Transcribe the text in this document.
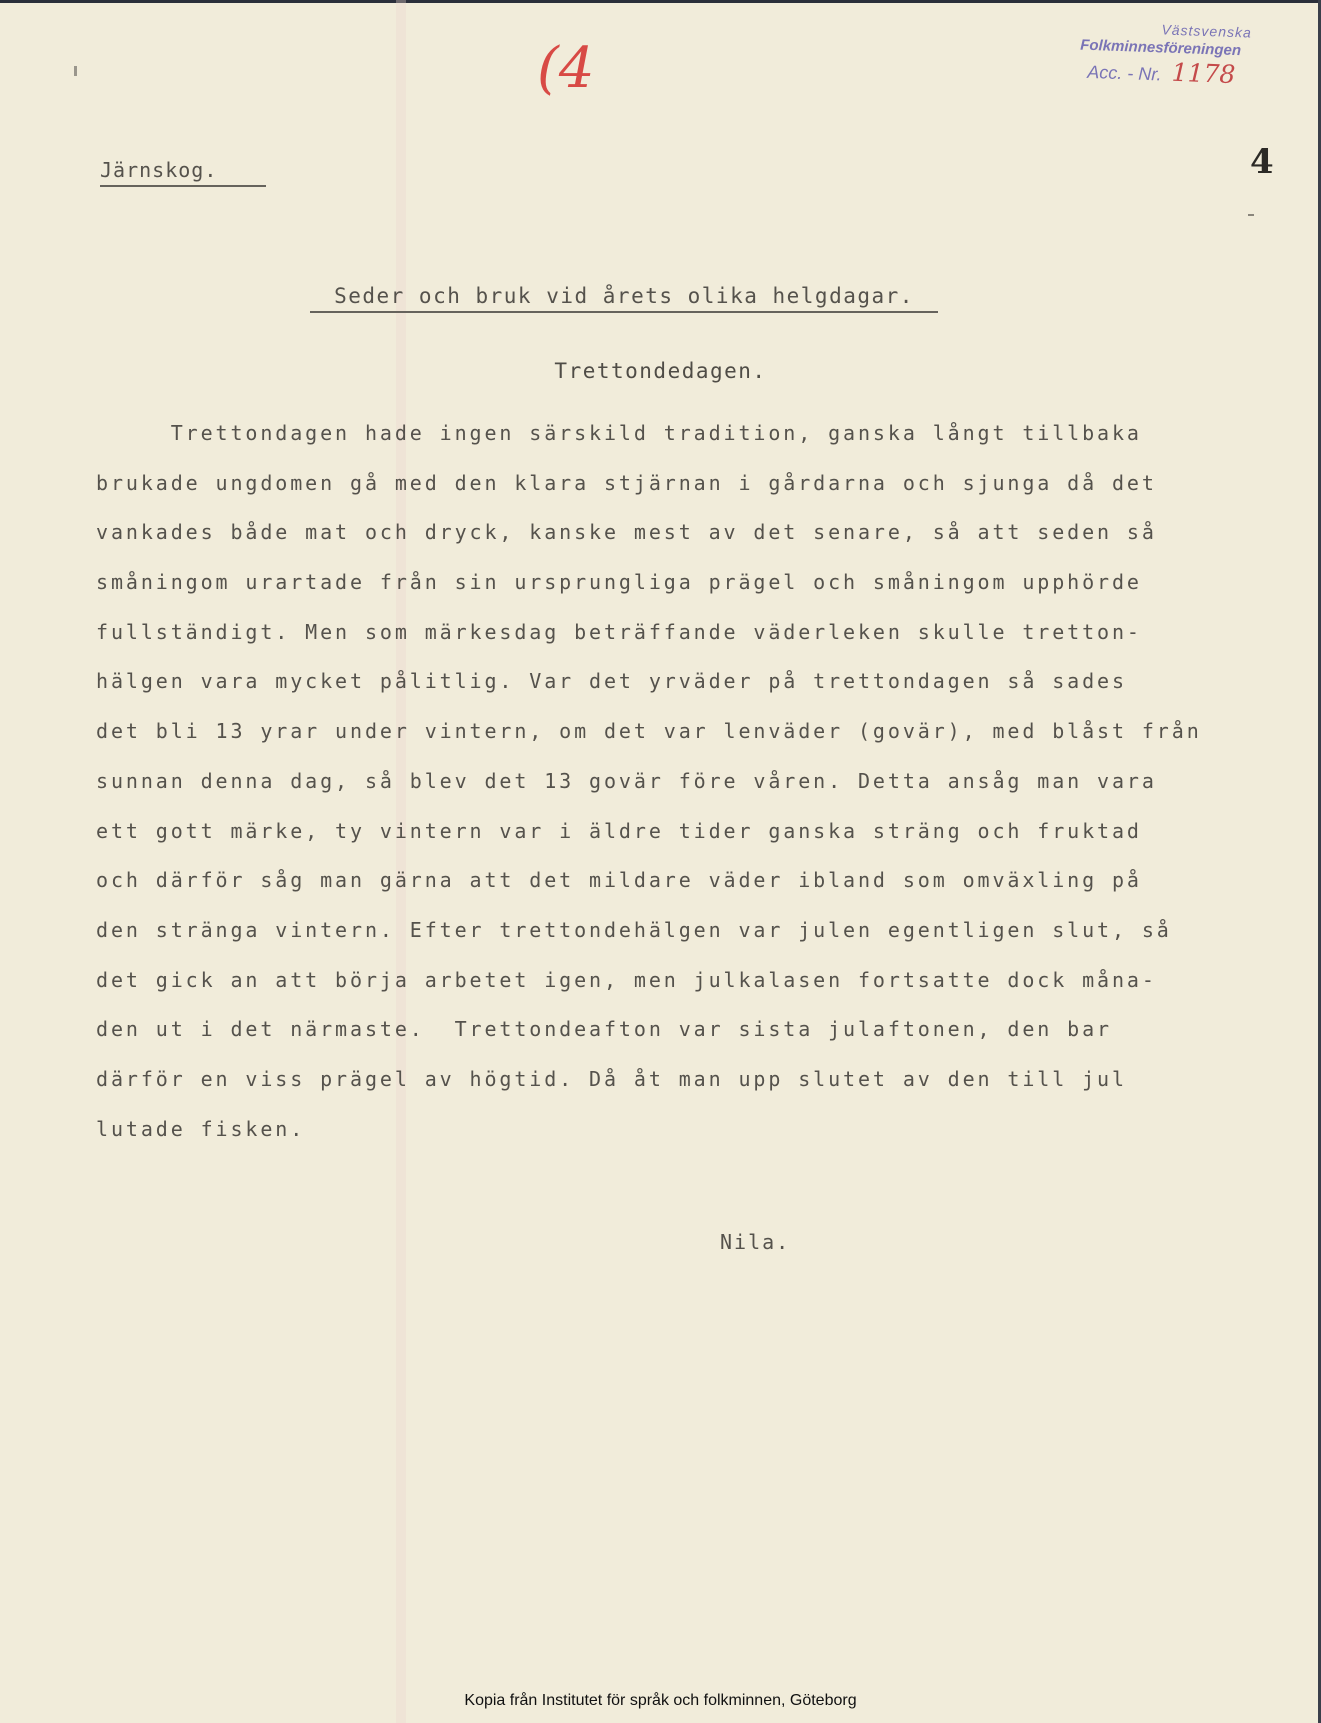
(4
Västsvenska
Folkminnesföreningen
Acc. - Nr. 1178
4
Järnskog.
Seder och bruk vid årets olika helgdagar.
Trettondedagen.
Trettondagen hade ingen särskild tradition, ganska långt tillbaka
brukade ungdomen gå med den klara stjärnan i gårdarna och sjunga då det
vankades både mat och dryck, kanske mest av det senare, så att seden så
småningom urartade från sin ursprungliga prägel och småningom upphörde
fullständigt. Men som märkesdag beträffande väderleken skulle tretton-
hälgen vara mycket pålitlig. Var det yrväder på trettondagen så sades
det bli 13 yrar under vintern, om det var lenväder (govär), med blåst från
sunnan denna dag, så blev det 13 govär före våren. Detta ansåg man vara
ett gott märke, ty vintern var i äldre tider ganska sträng och fruktad
och därför såg man gärna att det mildare väder ibland som omväxling på
den stränga vintern. Efter trettondehälgen var julen egentligen slut, så
det gick an att börja arbetet igen, men julkalasen fortsatte dock måna-
den ut i det närmaste.  Trettondeafton var sista julaftonen, den bar
därför en viss prägel av högtid. Då åt man upp slutet av den till jul
lutade fisken.
Nila.
Kopia från Institutet för språk och folkminnen, Göteborg
